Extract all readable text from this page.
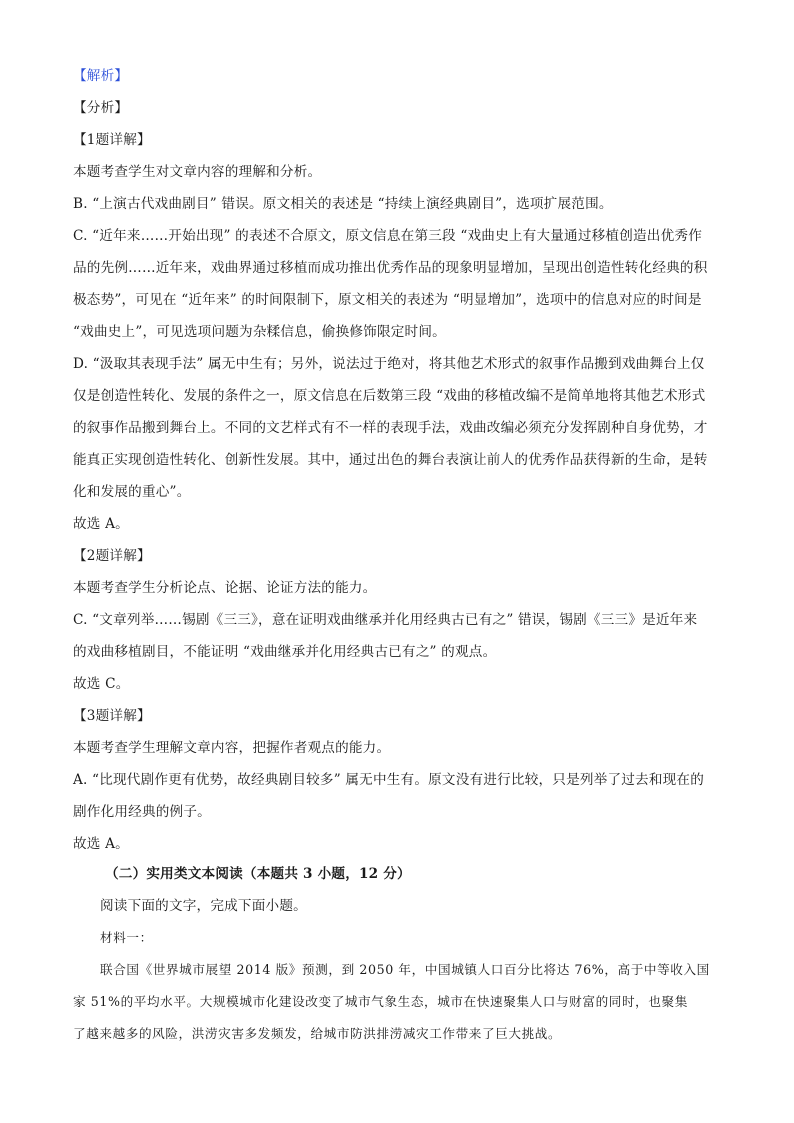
【解析】
【分析】
【1题详解】
本题考查学生对文章内容的理解和分析。
B. “上演古代戏曲剧目” 错误。原文相关的表述是 “持续上演经典剧目”，选项扩展范围。
C. “近年来……开始出现” 的表述不合原文，原文信息在第三段 “戏曲史上有大量通过移植创造出优秀作
品的先例……近年来，戏曲界通过移植而成功推出优秀作品的现象明显增加，呈现出创造性转化经典的积
极态势”，可见在 “近年来” 的时间限制下，原文相关的表述为 “明显增加”，选项中的信息对应的时间是
“戏曲史上”，可见选项问题为杂糅信息，偷换修饰限定时间。
D. “汲取其表现手法” 属无中生有；另外，说法过于绝对，将其他艺术形式的叙事作品搬到戏曲舞台上仅
仅是创造性转化、发展的条件之一，原文信息在后数第三段 “戏曲的移植改编不是简单地将其他艺术形式
的叙事作品搬到舞台上。不同的文艺样式有不一样的表现手法，戏曲改编必须充分发挥剧种自身优势，才
能真正实现创造性转化、创新性发展。其中，通过出色的舞台表演让前人的优秀作品获得新的生命，是转
化和发展的重心”。
故选 A。
【2题详解】
本题考查学生分析论点、论据、论证方法的能力。
C. “文章列举……锡剧《三三》，意在证明戏曲继承并化用经典古已有之” 错误，锡剧《三三》是近年来
的戏曲移植剧目，不能证明 “戏曲继承并化用经典古已有之” 的观点。
故选 C。
【3题详解】
本题考查学生理解文章内容，把握作者观点的能力。
A. “比现代剧作更有优势，故经典剧目较多” 属无中生有。原文没有进行比较，只是列举了过去和现在的
剧作化用经典的例子。
故选 A。
（二）实用类文本阅读（本题共 3 小题，12 分）
阅读下面的文字，完成下面小题。
材料一：
联合国《世界城市展望 2014 版》预测，到 2050 年，中国城镇人口百分比将达 76%，高于中等收入国
家 51%的平均水平。大规模城市化建设改变了城市气象生态，城市在快速聚集人口与财富的同时，也聚集
了越来越多的风险，洪涝灾害多发频发，给城市防洪排涝减灾工作带来了巨大挑战。
